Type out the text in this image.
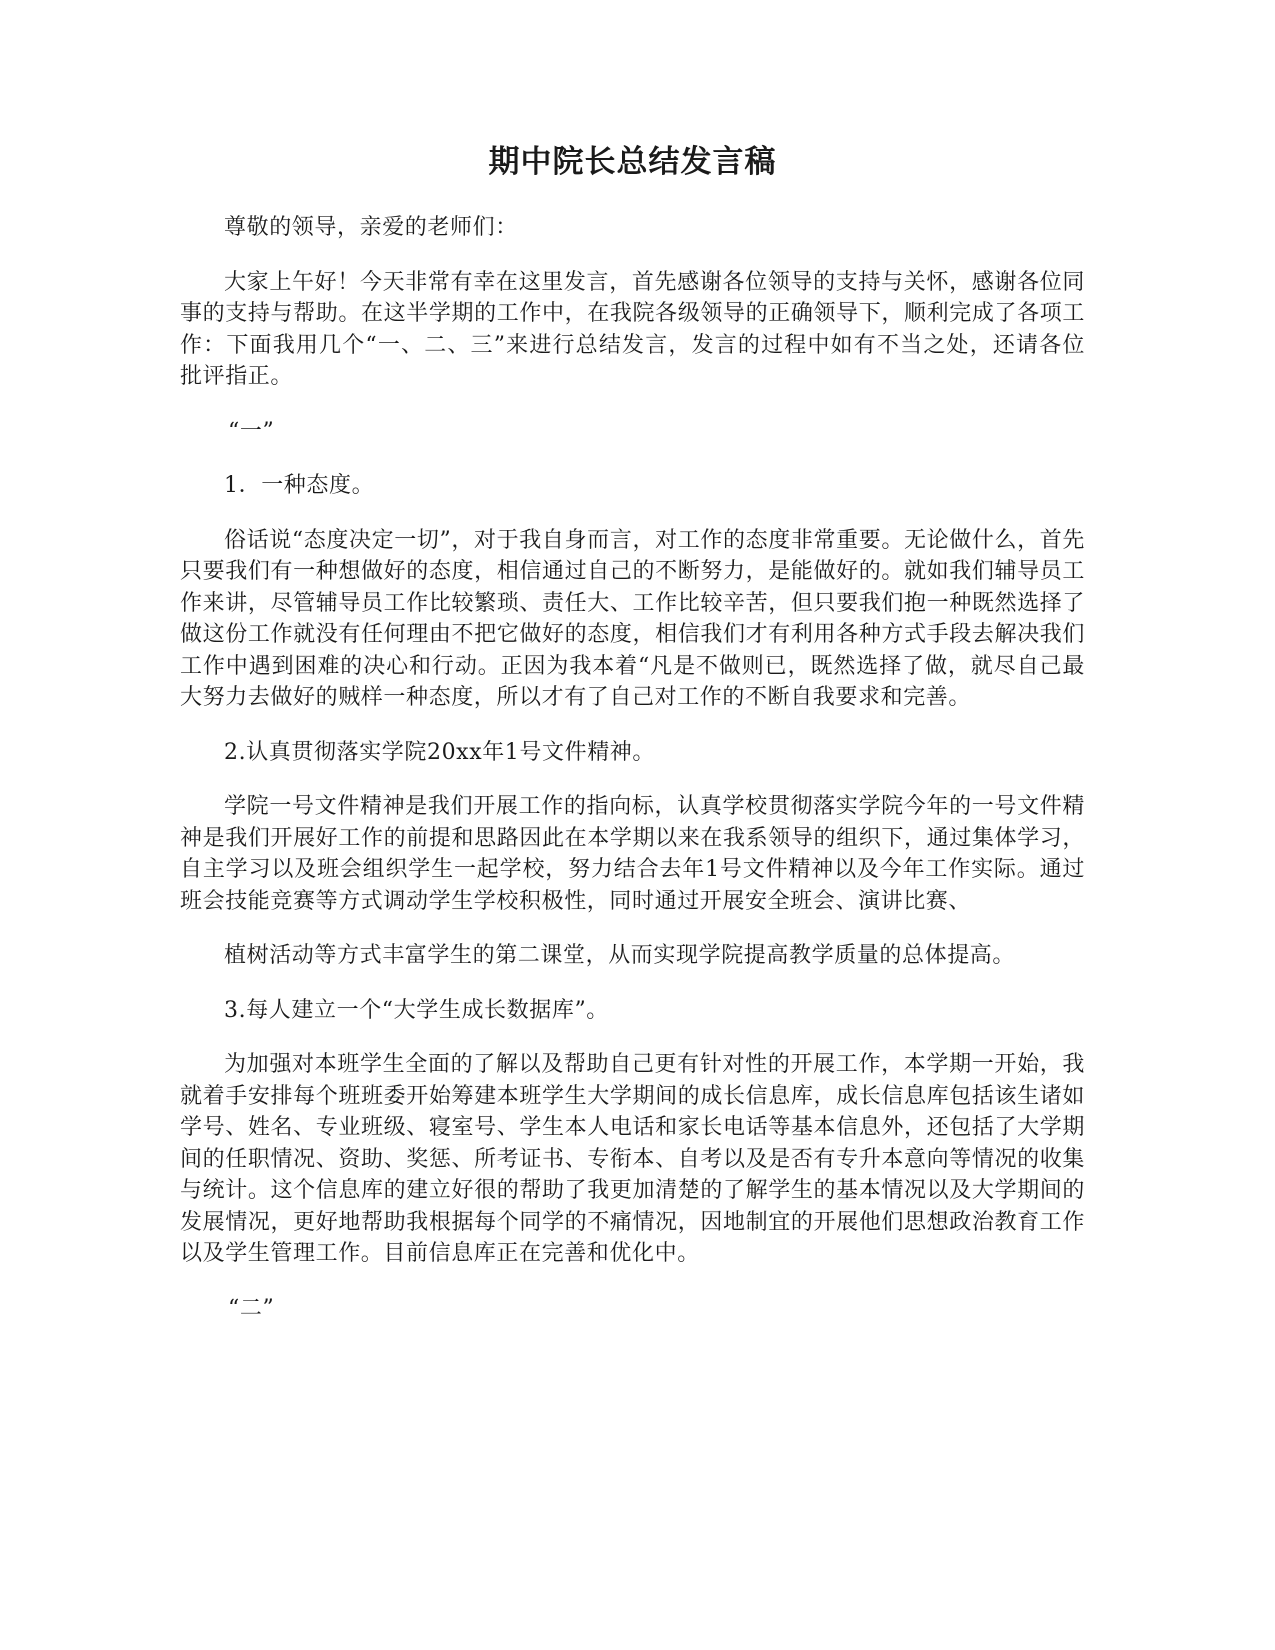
期中院长总结发言稿

尊敬的领导，亲爱的老师们：

大家上午好！今天非常有幸在这里发言，首先感谢各位领导的支持与关怀，感谢各位同事的支持与帮助。在这半学期的工作中，在我院各级领导的正确领导下，顺利完成了各项工作：下面我用几个“一、二、三”来进行总结发言，发言的过程中如有不当之处，还请各位批评指正。

“一”

1．一种态度。

俗话说“态度决定一切”，对于我自身而言，对工作的态度非常重要。无论做什么，首先只要我们有一种想做好的态度，相信通过自己的不断努力，是能做好的。就如我们辅导员工作来讲，尽管辅导员工作比较繁琐、责任大、工作比较辛苦，但只要我们抱一种既然选择了做这份工作就没有任何理由不把它做好的态度，相信我们才有利用各种方式手段去解决我们工作中遇到困难的决心和行动。正因为我本着“凡是不做则已，既然选择了做，就尽自己最大努力去做好的贼样一种态度，所以才有了自己对工作的不断自我要求和完善。

2.认真贯彻落实学院20xx年1号文件精神。

学院一号文件精神是我们开展工作的指向标，认真学校贯彻落实学院今年的一号文件精神是我们开展好工作的前提和思路因此在本学期以来在我系领导的组织下，通过集体学习，自主学习以及班会组织学生一起学校，努力结合去年1号文件精神以及今年工作实际。通过班会技能竞赛等方式调动学生学校积极性，同时通过开展安全班会、演讲比赛、

植树活动等方式丰富学生的第二课堂，从而实现学院提高教学质量的总体提高。

3.每人建立一个“大学生成长数据库”。

为加强对本班学生全面的了解以及帮助自己更有针对性的开展工作，本学期一开始，我就着手安排每个班班委开始筹建本班学生大学期间的成长信息库，成长信息库包括该生诸如学号、姓名、专业班级、寝室号、学生本人电话和家长电话等基本信息外，还包括了大学期间的任职情况、资助、奖惩、所考证书、专衔本、自考以及是否有专升本意向等情况的收集与统计。这个信息库的建立好很的帮助了我更加清楚的了解学生的基本情况以及大学期间的发展情况，更好地帮助我根据每个同学的不痛情况，因地制宜的开展他们思想政治教育工作以及学生管理工作。目前信息库正在完善和优化中。

“二”
